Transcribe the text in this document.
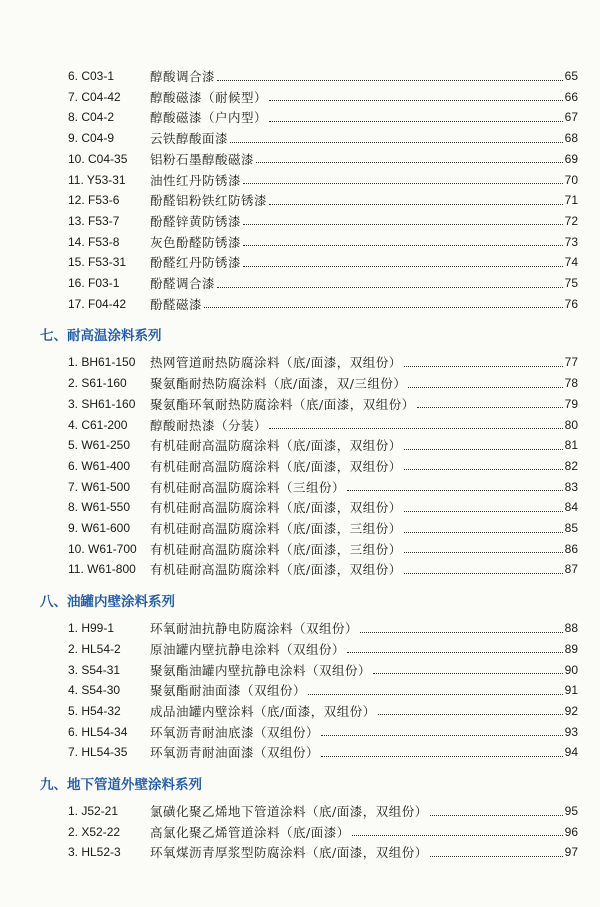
6. C03-1	醇酸调合漆	65
7. C04-42 醇酸磁漆（耐候型）	66
8. C04-2	醇酸磁漆（户内型）	67
9. C04-9	云铁醇酸面漆	68
10. C04-35 铝粉石墨醇酸磁漆	69
11. Y53-31 油性红丹防锈漆	70
12. F53-6 酚醛铝粉铁红防锈漆	71
13. F53-7 酚醛锌黄防锈漆	72
14. F53-8 灰色酚醛防锈漆	73
15. F53-31 酚醛红丹防锈漆	74
16. F03-1 酚醛调合漆	75
17. F04-42 酚醛磁漆	76
七、耐高温涂料系列
1. BH61-150 热网管道耐热防腐涂料（底/面漆，双组份）	77
2. S61-160 聚氨酯耐热防腐涂料（底/面漆，双/三组份）	78
3. SH61-160 聚氨酯环氧耐热防腐涂料（底/面漆，双组份）	79
4. C61-200 醇酸耐热漆（分装）	80
5. W61-250 有机硅耐高温防腐涂料（底/面漆，双组份）	81
6. W61-400 有机硅耐高温防腐涂料（底/面漆，双组份）	82
7. W61-500 有机硅耐高温防腐涂料（三组份）	83
8. W61-550 有机硅耐高温防腐涂料（底/面漆，双组份）	84
9. W61-600 有机硅耐高温防腐涂料（底/面漆，三组份）	85
10. W61-700 有机硅耐高温防腐涂料（底/面漆，三组份）	86
11. W61-800 有机硅耐高温防腐涂料（底/面漆，双组份）	87
八、油罐内壁涂料系列
1. H99-1	环氧耐油抗静电防腐涂料（双组份）	88
2. HL54-2 原油罐内壁抗静电涂料（双组份）	89
3. S54-31 聚氨酯油罐内壁抗静电涂料（双组份）	90
4. S54-30 聚氨酯耐油面漆（双组份）	91
5. H54-32 成品油罐内壁涂料（底/面漆，双组份）	92
6. HL54-34 环氧沥青耐油底漆（双组份）	93
7. HL54-35 环氧沥青耐油面漆（双组份）	94
九、地下管道外壁涂料系列
1. J52-21	氯磺化聚乙烯地下管道涂料（底/面漆，双组份）	95
2. X52-22 高氯化聚乙烯管道涂料（底/面漆）	96
3. HL52-3 环氧煤沥青厚浆型防腐涂料（底/面漆，双组份）	97
